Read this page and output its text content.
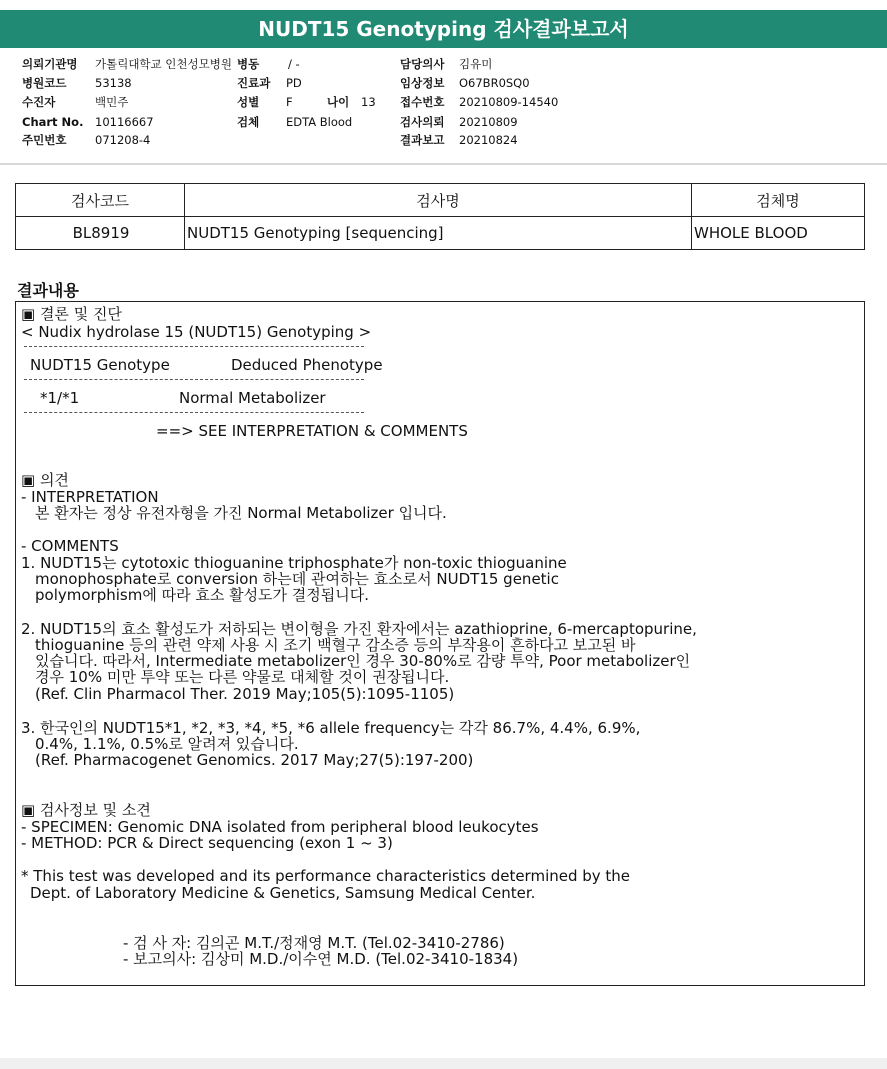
NUDT15 Genotyping 검사결과보고서
의뢰기관명 가톨릭대학교 인천성모병원 병동	/ -	담당의사 김유미
병원코드 53138	진료과 PD	임상정보 O67BR0SQ0
수진자	백민주	성별 F	나이 13 접수번호 20210809-14540
Chart No. 10116667	검체 EDTA Blood	검사의뢰 20210809
주민번호 071208-4	결과보고 20210824
검사코드	검사명	검체명
BL8919	NUDT15 Genotyping [sequencing]	WHOLE BLOOD
결과내용
▣ 결론 및 진단
< Nudix hydrolase 15 (NUDT15) Genotyping >
NUDT15 Genotype	Deduced Phenotype
*1/*1	Normal Metabolizer
==> SEE INTERPRETATION & COMMENTS
▣ 의견
- INTERPRETATION
본 환자는 정상 유전자형을 가진 Normal Metabolizer 입니다.
- COMMENTS
1. NUDT15는 cytotoxic thioguanine triphosphate가 non-toxic thioguanine
monophosphate로 conversion 하는데 관여하는 효소로서 NUDT15 genetic
polymorphism에 따라 효소 활성도가 결정됩니다.
2. NUDT15의 효소 활성도가 저하되는 변이형을 가진 환자에서는 azathioprine, 6-mercaptopurine,
thioguanine 등의 관련 약제 사용 시 조기 백혈구 감소증 등의 부작용이 흔하다고 보고된 바
있습니다. 따라서, Intermediate metabolizer인 경우 30-80%로 감량 투약, Poor metabolizer인
경우 10% 미만 투약 또는 다른 약물로 대체할 것이 권장됩니다.
(Ref. Clin Pharmacol Ther. 2019 May;105(5):1095-1105)
3. 한국인의 NUDT15*1, *2, *3, *4, *5, *6 allele frequency는 각각 86.7%, 4.4%, 6.9%,
0.4%, 1.1%, 0.5%로 알려져 있습니다.
(Ref. Pharmacogenet Genomics. 2017 May;27(5):197-200)
▣ 검사정보 및 소견
- SPECIMEN: Genomic DNA isolated from peripheral blood leukocytes
- METHOD: PCR & Direct sequencing (exon 1 ~ 3)
* This test was developed and its performance characteristics determined by the
Dept. of Laboratory Medicine & Genetics, Samsung Medical Center.
- 검 사 자: 김의곤 M.T./정재영 M.T. (Tel.02-3410-2786)
- 보고의사: 김상미 M.D./이수연 M.D. (Tel.02-3410-1834)
